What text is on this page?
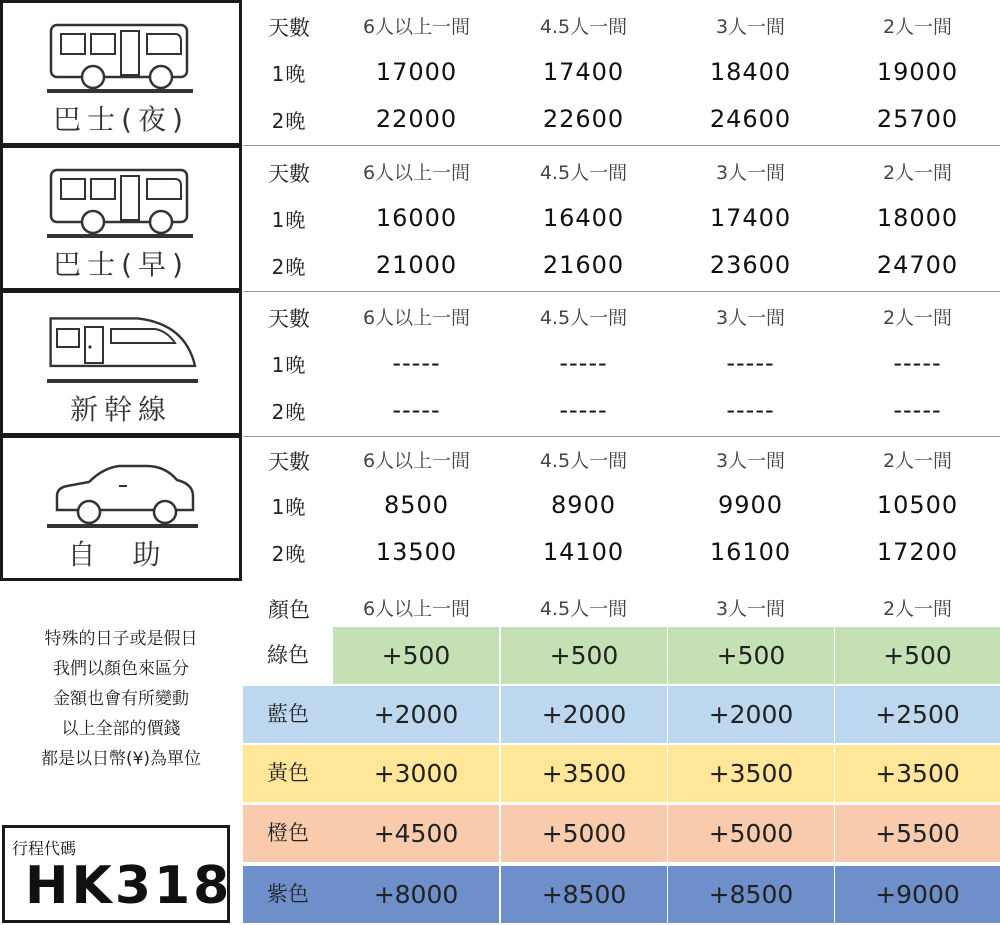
巴士(夜)
天數	6人以上一間	4.5人一間	3人一間	2人一間
1晚	17000	17400	18400	19000
2晚	22000	22600	24600	25700
巴士(早)
天數	6人以上一間	4.5人一間	3人一間	2人一間
1晚	16000	16400	17400	18000
2晚	21000	21600	23600	24700
新幹線
天數	6人以上一間	4.5人一間	3人一間	2人一間
1晚	-----	-----	-----	-----
2晚	-----	-----	-----	-----
自 助
天數	6人以上一間	4.5人一間	3人一間	2人一間
1晚	8500	8900	9900	10500
2晚	13500	14100	16100	17200
顏色	6人以上一間	4.5人一間	3人一間	2人一間
綠色	+500	+500	+500	+500
藍色	+2000	+2000	+2000	+2500
黃色	+3000	+3500	+3500	+3500
橙色	+4500	+5000	+5000	+5500
紫色	+8000	+8500	+8500	+9000
特殊的日子或是假日
我們以顏色來區分
金額也會有所變動
以上全部的價錢
都是以日幣(¥)為單位
行程代碼
HK318
